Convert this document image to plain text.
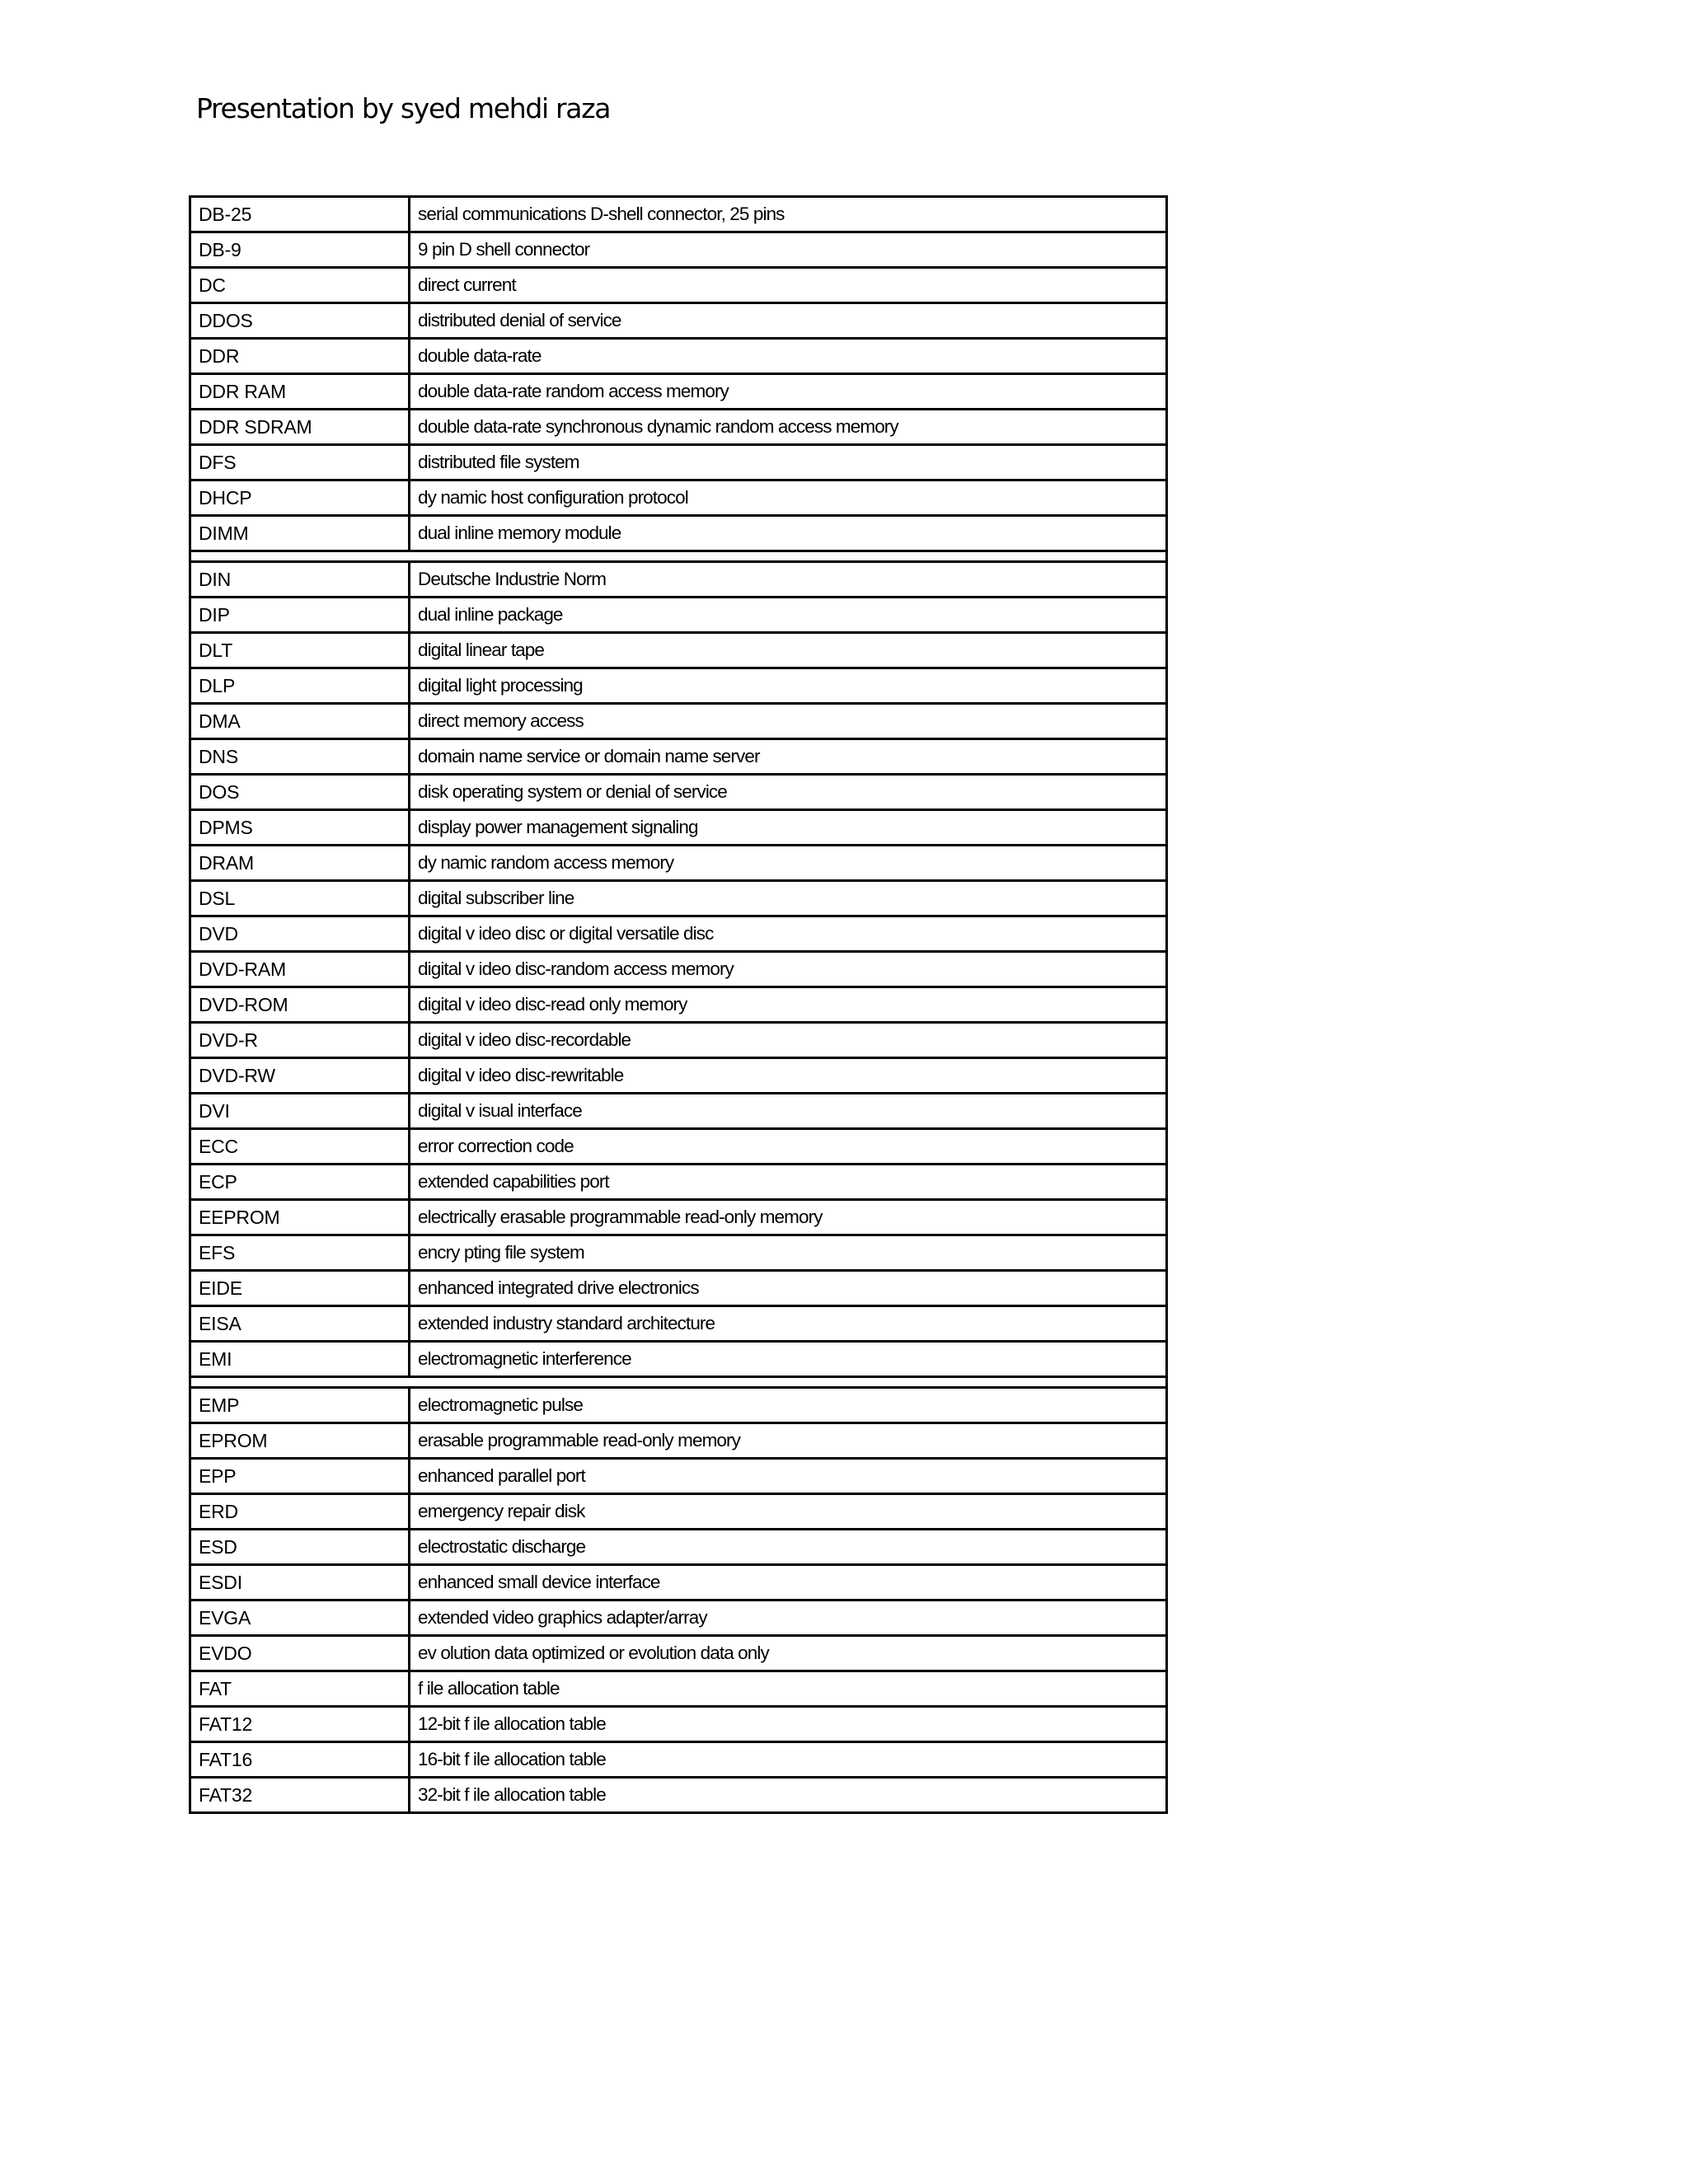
Presentation by syed mehdi raza
DB-25	serial communications D-shell connector, 25 pins
DB-9	9 pin D shell connector
DC	direct current
DDOS	distributed denial of service
DDR	double data-rate
DDR RAM	double data-rate random access memory
DDR SDRAM	double data-rate synchronous dynamic random access memory
DFS	distributed file system
DHCP	dy namic host configuration protocol
DIMM	dual inline memory module

DIN	Deutsche Industrie Norm
DIP	dual inline package
DLT	digital linear tape
DLP	digital light processing
DMA	direct memory access
DNS	domain name service or domain name server
DOS	disk operating system or denial of service
DPMS	display power management signaling
DRAM	dy namic random access memory
DSL	digital subscriber line
DVD	digital v ideo disc or digital versatile disc
DVD-RAM	digital v ideo disc-random access memory
DVD-ROM	digital v ideo disc-read only memory
DVD-R	digital v ideo disc-recordable
DVD-RW	digital v ideo disc-rewritable
DVI	digital v isual interface
ECC	error correction code
ECP	extended capabilities port
EEPROM	electrically erasable programmable read-only memory
EFS	encry pting file system
EIDE	enhanced integrated drive electronics
EISA	extended industry standard architecture
EMI	electromagnetic interference

EMP	electromagnetic pulse
EPROM	erasable programmable read-only memory
EPP	enhanced parallel port
ERD	emergency repair disk
ESD	electrostatic discharge
ESDI	enhanced small device interface
EVGA	extended video graphics adapter/array
EVDO	ev olution data optimized or evolution data only
FAT	f ile allocation table
FAT12	12-bit f ile allocation table
FAT16	16-bit f ile allocation table
FAT32	32-bit f ile allocation table
